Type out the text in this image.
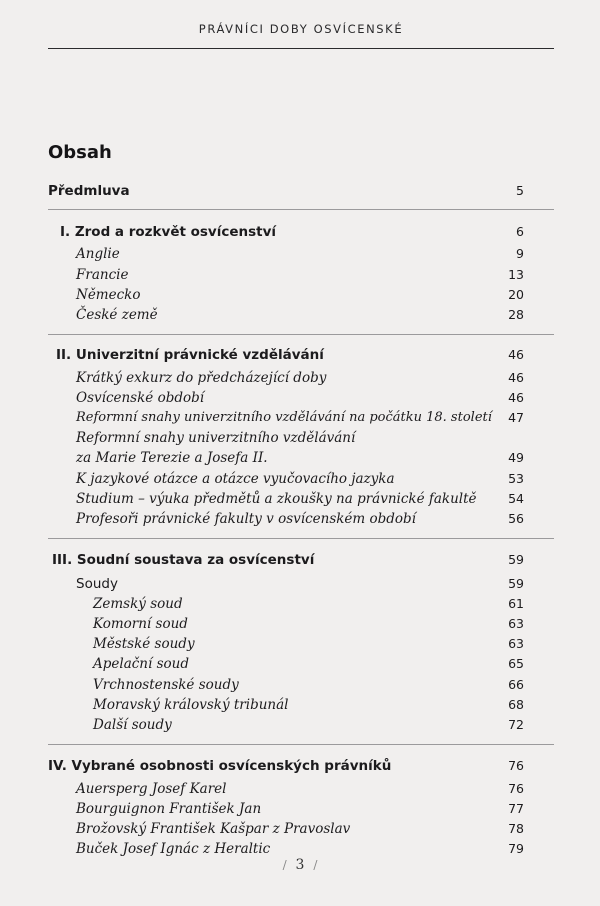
PRÁVNÍCI DOBY OSVÍCENSKÉ
Obsah
Předmluva	5
I. Zrod a rozkvět osvícenství	6
Anglie	9
Francie	13
Německo	20
České země	28
II. Univerzitní právnické vzdělávání	46
Krátký exkurz do předcházející doby	46
Osvícenské období	46
Reformní snahy univerzitního vzdělávání na počátku 18. století 47
Reformní snahy univerzitního vzdělávání
za Marie Terezie a Josefa II.	49
K jazykové otázce a otázce vyučovacího jazyka	53
Studium – výuka předmětů a zkoušky na právnické fakultě	54
Profesoři právnické fakulty v osvícenském období	56
III. Soudní soustava za osvícenství	59
Soudy	59
Zemský soud	61
Komorní soud	63
Městské soudy	63
Apelační soud	65
Vrchnostenské soudy	66
Moravský královský tribunál	68
Další soudy	72
IV. Vybrané osobnosti osvícenských právníků	76
Auersperg Josef Karel	76
Bourguignon František Jan	77
Brožovský František Kašpar z Pravoslav	78
Buček Josef Ignác z Heraltic	79
/ 3 /
